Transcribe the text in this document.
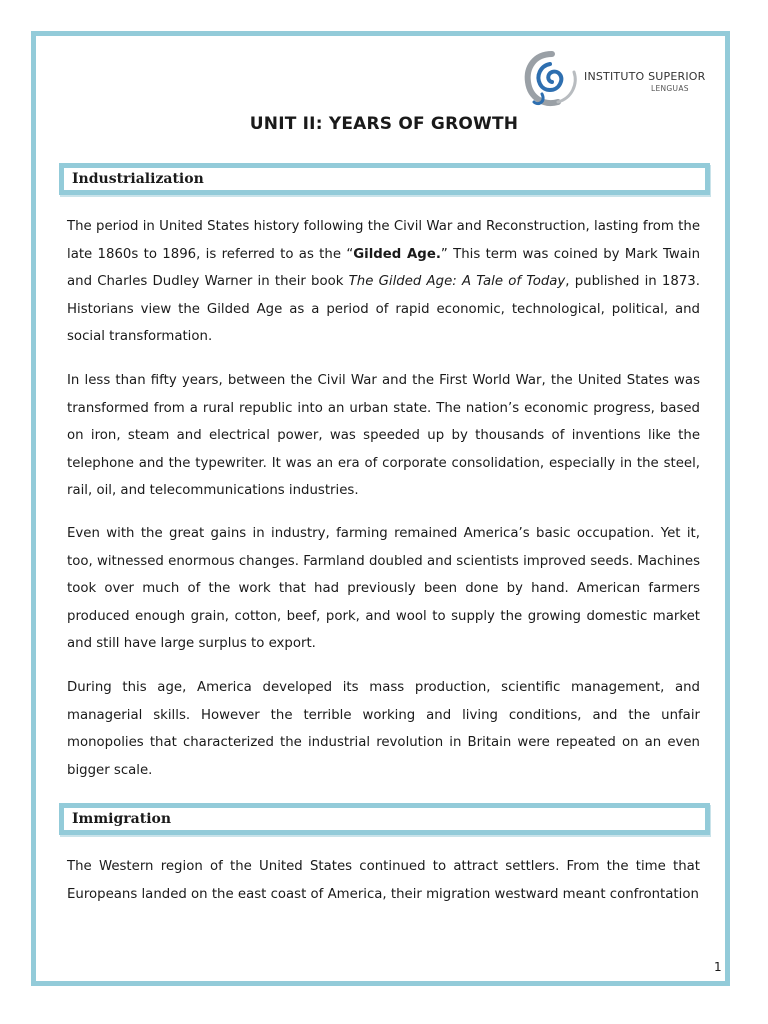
INSTITUTO SUPERIOR
LENGUAS
UNIT II: YEARS OF GROWTH
Industrialization

The period in United States history following the Civil War and Reconstruction, lasting from the late 1860s to 1896, is referred to as the “Gilded Age.” This term was coined by Mark Twain and Charles Dudley Warner in their book The Gilded Age: A Tale of Today, published in 1873. Historians view the Gilded Age as a period of rapid economic, technological, political, and social transformation.

In less than fifty years, between the Civil War and the First World War, the United States was transformed from a rural republic into an urban state. The nation’s economic progress, based on iron, steam and electrical power, was speeded up by thousands of inventions like the telephone and the typewriter. It was an era of corporate consolidation, especially in the steel, rail, oil, and telecommunications industries.

Even with the great gains in industry, farming remained America’s basic occupation. Yet it, too, witnessed enormous changes. Farmland doubled and scientists improved seeds. Machines took over much of the work that had previously been done by hand. American farmers produced enough grain, cotton, beef, pork, and wool to supply the growing domestic market and still have large surplus to export.

During this age, America developed its mass production, scientific management, and managerial skills. However the terrible working and living conditions, and the unfair monopolies that characterized the industrial revolution in Britain were repeated on an even bigger scale.

Immigration

The Western region of the United States continued to attract settlers. From the time that Europeans landed on the east coast of America, their migration westward meant confrontation

1
